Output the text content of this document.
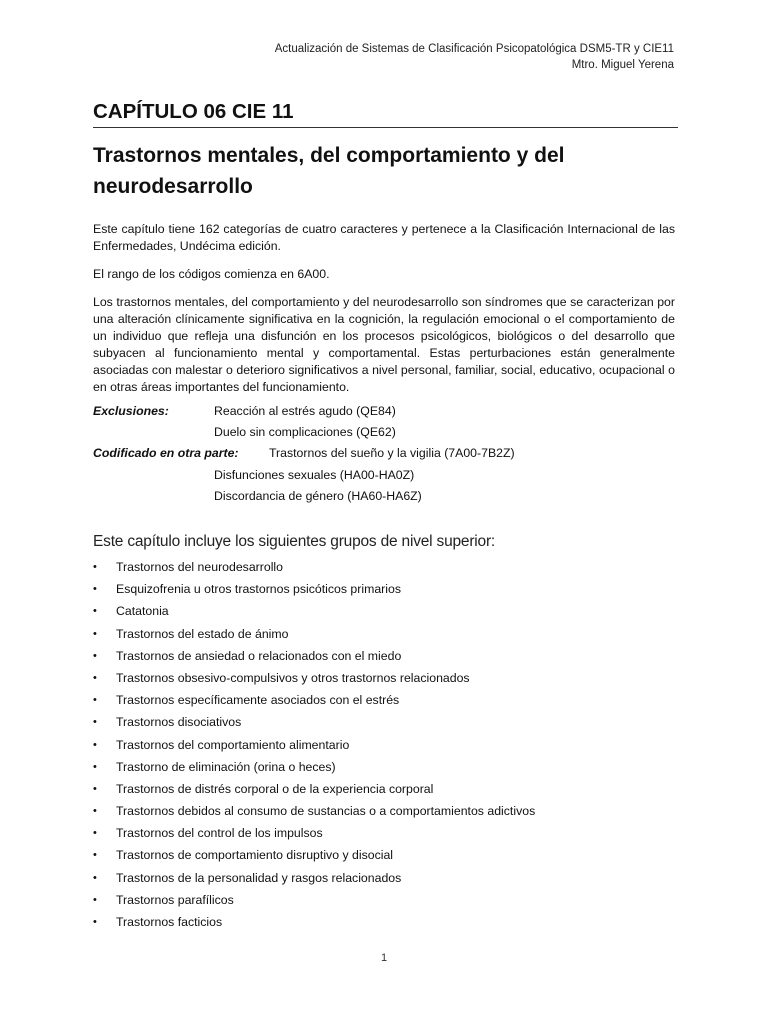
Actualización de Sistemas de Clasificación Psicopatológica DSM5-TR y CIE11
Mtro. Miguel Yerena
CAPÍTULO 06 CIE 11
Trastornos mentales, del comportamiento y del neurodesarrollo

Este capítulo tiene 162 categorías de cuatro caracteres y pertenece a la Clasificación Internacional de las Enfermedades, Undécima edición.

El rango de los códigos comienza en 6A00.

Los trastornos mentales, del comportamiento y del neurodesarrollo son síndromes que se caracterizan por una alteración clínicamente significativa en la cognición, la regulación emocional o el comportamiento de un individuo que refleja una disfunción en los procesos psicológicos, biológicos o del desarrollo que subyacen al funcionamiento mental y comportamental. Estas perturbaciones están generalmente asociadas con malestar o deterioro significativos a nivel personal, familiar, social, educativo, ocupacional o en otras áreas importantes del funcionamiento.

Exclusiones:	Reacción al estrés agudo (QE84)
Duelo sin complicaciones (QE62)
Codificado en otra parte: Trastornos del sueño y la vigilia (7A00-7B2Z)
Disfunciones sexuales (HA00-HA0Z)
Discordancia de género (HA60-HA6Z)
Este capítulo incluye los siguientes grupos de nivel superior:
• Trastornos del neurodesarrollo
• Esquizofrenia u otros trastornos psicóticos primarios
• Catatonia
• Trastornos del estado de ánimo
• Trastornos de ansiedad o relacionados con el miedo
• Trastornos obsesivo-compulsivos y otros trastornos relacionados
• Trastornos específicamente asociados con el estrés
• Trastornos disociativos
• Trastornos del comportamiento alimentario
• Trastorno de eliminación (orina o heces)
• Trastornos de distrés corporal o de la experiencia corporal
• Trastornos debidos al consumo de sustancias o a comportamientos adictivos
• Trastornos del control de los impulsos
• Trastornos de comportamiento disruptivo y disocial
• Trastornos de la personalidad y rasgos relacionados
• Trastornos parafílicos
• Trastornos facticios
1
